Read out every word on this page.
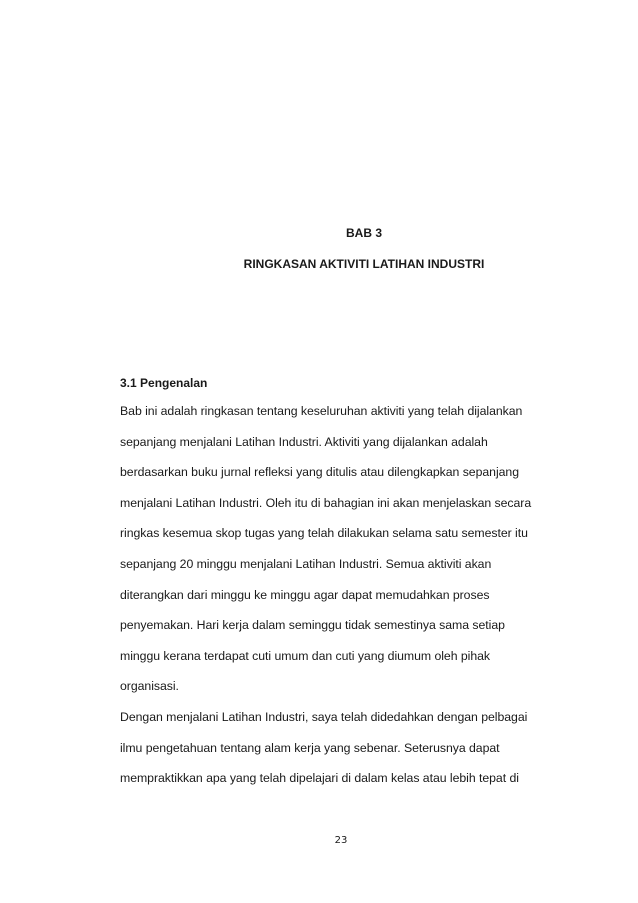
BAB 3
RINGKASAN AKTIVITI LATIHAN INDUSTRI
3.1 Pengenalan

Bab ini adalah ringkasan tentang keseluruhan aktiviti yang telah dijalankan
sepanjang menjalani Latihan Industri. Aktiviti yang dijalankan adalah
berdasarkan buku jurnal refleksi yang ditulis atau dilengkapkan sepanjang
menjalani Latihan Industri. Oleh itu di bahagian ini akan menjelaskan secara
ringkas kesemua skop tugas yang telah dilakukan selama satu semester itu
sepanjang 20 minggu menjalani Latihan Industri. Semua aktiviti akan
diterangkan dari minggu ke minggu agar dapat memudahkan proses
penyemakan. Hari kerja dalam seminggu tidak semestinya sama setiap
minggu kerana terdapat cuti umum dan cuti yang diumum oleh pihak
organisasi.

Dengan menjalani Latihan Industri, saya telah didedahkan dengan pelbagai
ilmu pengetahuan tentang alam kerja yang sebenar. Seterusnya dapat
mempraktikkan apa yang telah dipelajari di dalam kelas atau lebih tepat di

23
